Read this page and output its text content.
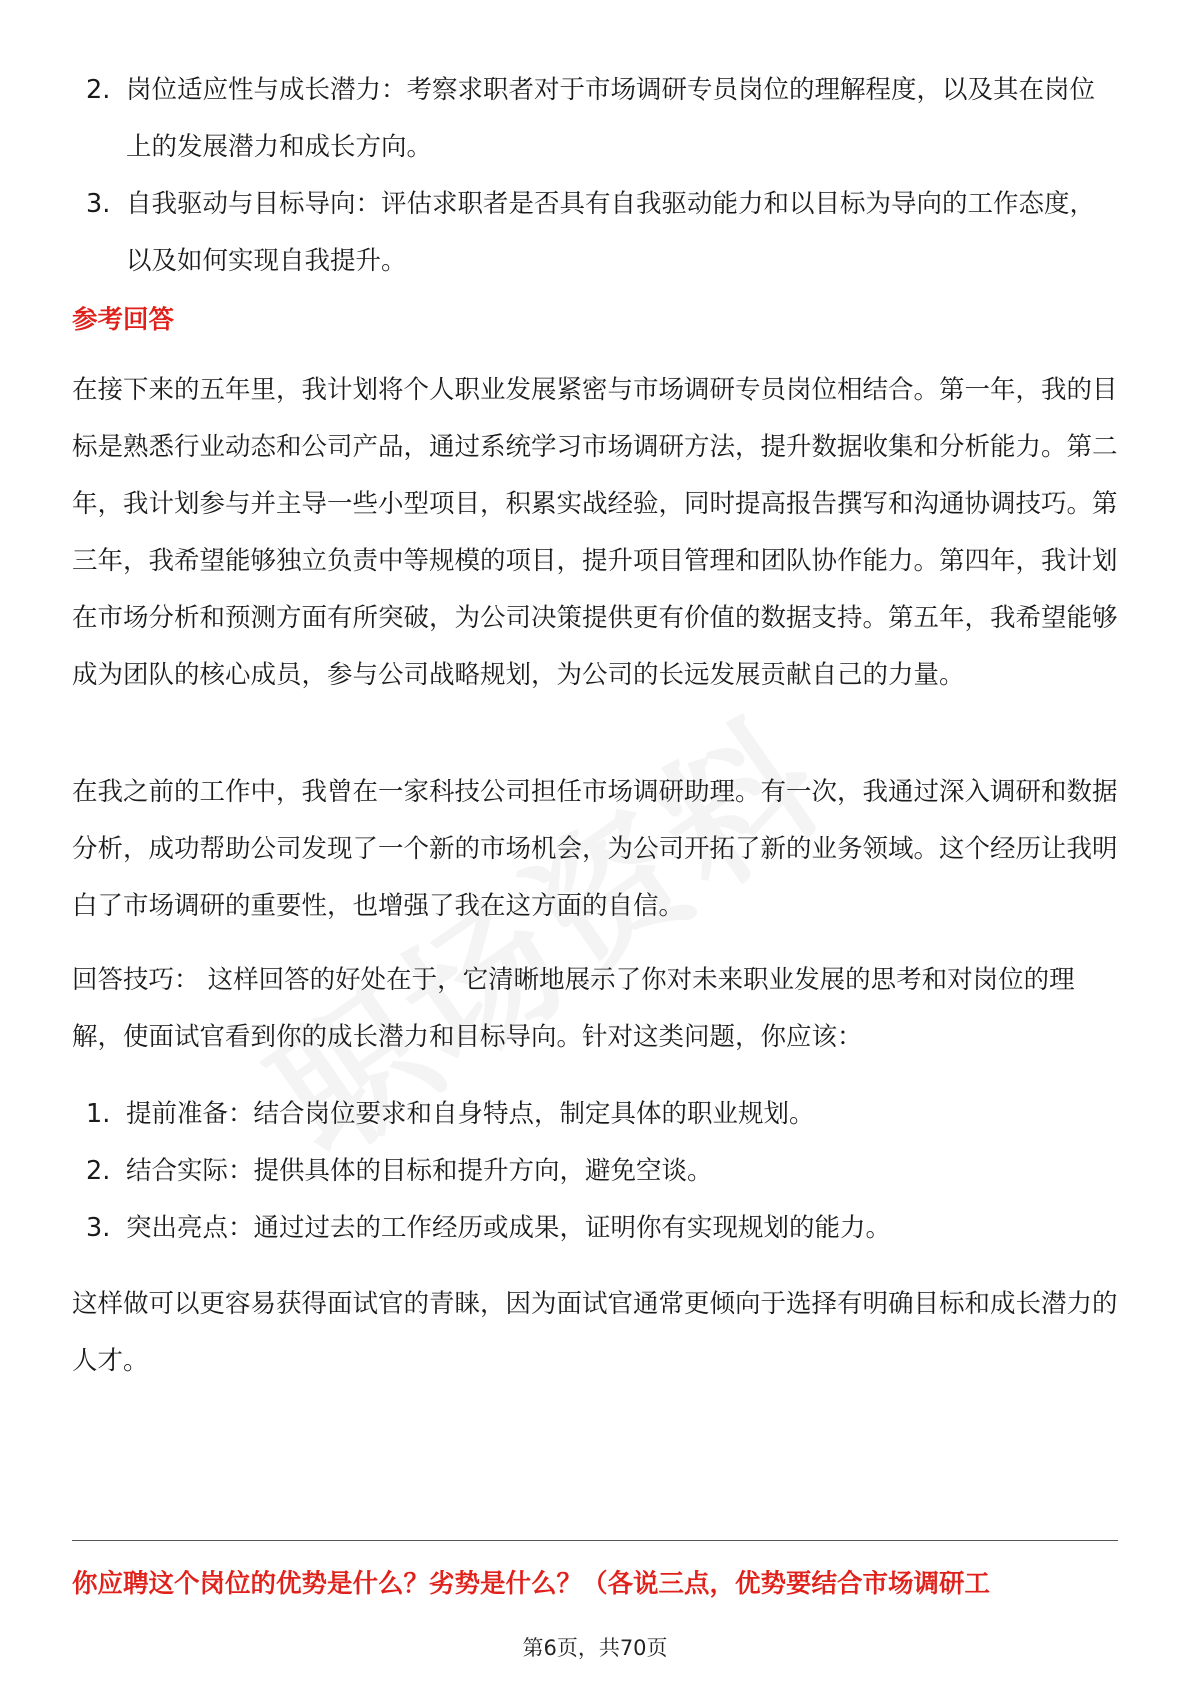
2. 岗位适应性与成长潜力：考察求职者对于市场调研专员岗位的理解程度，以及其在岗位上的发展潜力和成长方向。
3. 自我驱动与目标导向：评估求职者是否具有自我驱动能力和以目标为导向的工作态度，以及如何实现自我提升。
参考回答

在接下来的五年里，我计划将个人职业发展紧密与市场调研专员岗位相结合。第一年，我的目标是熟悉行业动态和公司产品，通过系统学习市场调研方法，提升数据收集和分析能力。第二年，我计划参与并主导一些小型项目，积累实战经验，同时提高报告撰写和沟通协调技巧。第三年，我希望能够独立负责中等规模的项目，提升项目管理和团队协作能力。第四年，我计划在市场分析和预测方面有所突破，为公司决策提供更有价值的数据支持。第五年，我希望能够成为团队的核心成员，参与公司战略规划，为公司的长远发展贡献自己的力量。

在我之前的工作中，我曾在一家科技公司担任市场调研助理。有一次，我通过深入调研和数据分析，成功帮助公司发现了一个新的市场机会，为公司开拓了新的业务领域。这个经历让我明白了市场调研的重要性，也增强了我在这方面的自信。

回答技巧： 这样回答的好处在于，它清晰地展示了你对未来职业发展的思考和对岗位的理解，使面试官看到你的成长潜力和目标导向。针对这类问题，你应该：

1. 提前准备：结合岗位要求和自身特点，制定具体的职业规划。
2. 结合实际：提供具体的目标和提升方向，避免空谈。
3. 突出亮点：通过过去的工作经历或成果，证明你有实现规划的能力。

这样做可以更容易获得面试官的青睐，因为面试官通常更倾向于选择有明确目标和成长潜力的人才。

你应聘这个岗位的优势是什么？劣势是什么？（各说三点，优势要结合市场调研工
第6页，共70页
